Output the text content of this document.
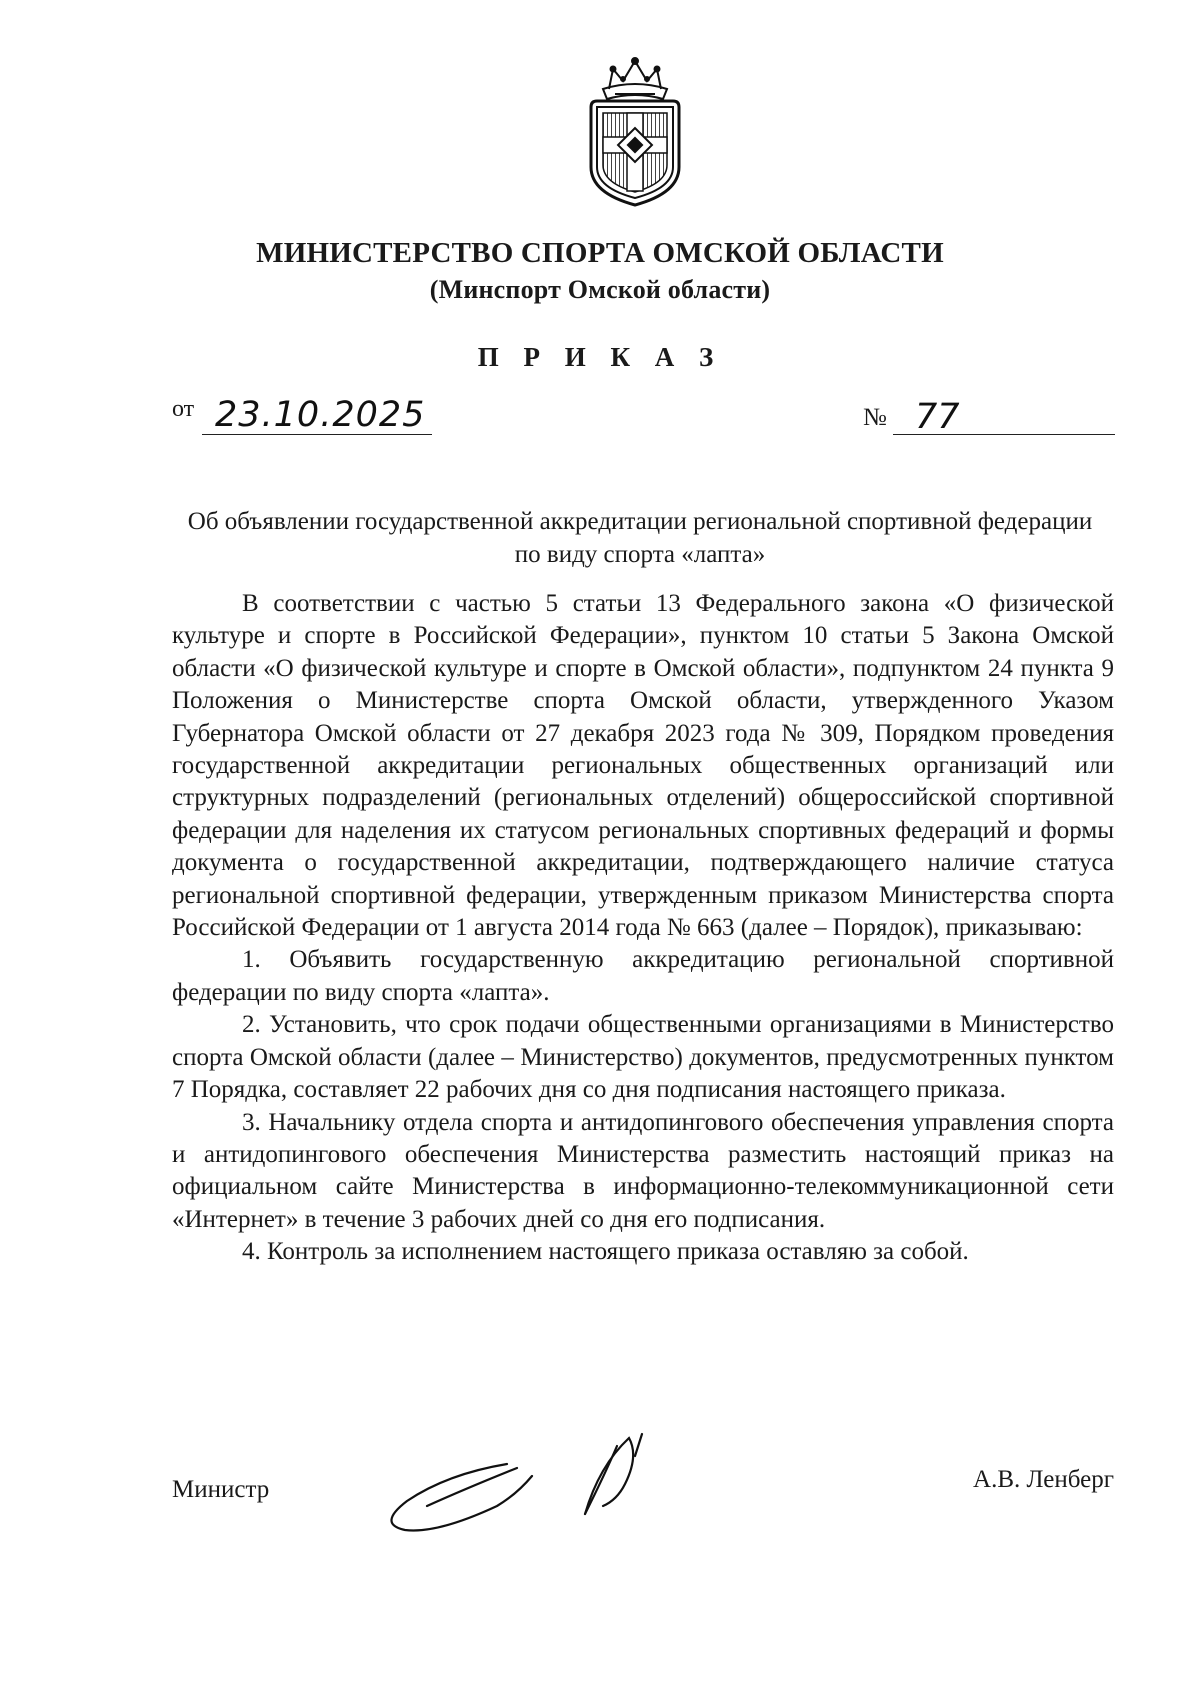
МИНИСТЕРСТВО СПОРТА ОМСКОЙ ОБЛАСТИ
(Минспорт Омской области)
П Р И К А З
от 23.10.2025	№ 77
Об объявлении государственной аккредитации региональной спортивной федерации по виду спорта «лапта»

В соответствии с частью 5 статьи 13 Федерального закона «О физической культуре и спорте в Российской Федерации», пунктом 10 статьи 5 Закона Омской области «О физической культуре и спорте в Омской области», подпунктом 24 пункта 9 Положения о Министерстве спорта Омской области, утвержденного Указом Губернатора Омской области от 27 декабря 2023 года № 309, Порядком проведения государственной аккредитации региональных общественных организаций или структурных подразделений (региональных отделений) общероссийской спортивной федерации для наделения их статусом региональных спортивных федераций и формы документа о государственной аккредитации, подтверждающего наличие статуса региональной спортивной федерации, утвержденным приказом Министерства спорта Российской Федерации от 1 августа 2014 года № 663 (далее – Порядок), приказываю:

1. Объявить государственную аккредитацию региональной спортивной федерации по виду спорта «лапта».

2. Установить, что срок подачи общественными организациями в Министерство спорта Омской области (далее – Министерство) документов, предусмотренных пунктом 7 Порядка, составляет 22 рабочих дня со дня подписания настоящего приказа.

3. Начальнику отдела спорта и антидопингового обеспечения управления спорта и антидопингового обеспечения Министерства разместить настоящий приказ на официальном сайте Министерства в информационно-телекоммуникационной сети «Интернет» в течение 3 рабочих дней со дня его подписания.

4. Контроль за исполнением настоящего приказа оставляю за собой.

Министр	А.В. Ленберг
